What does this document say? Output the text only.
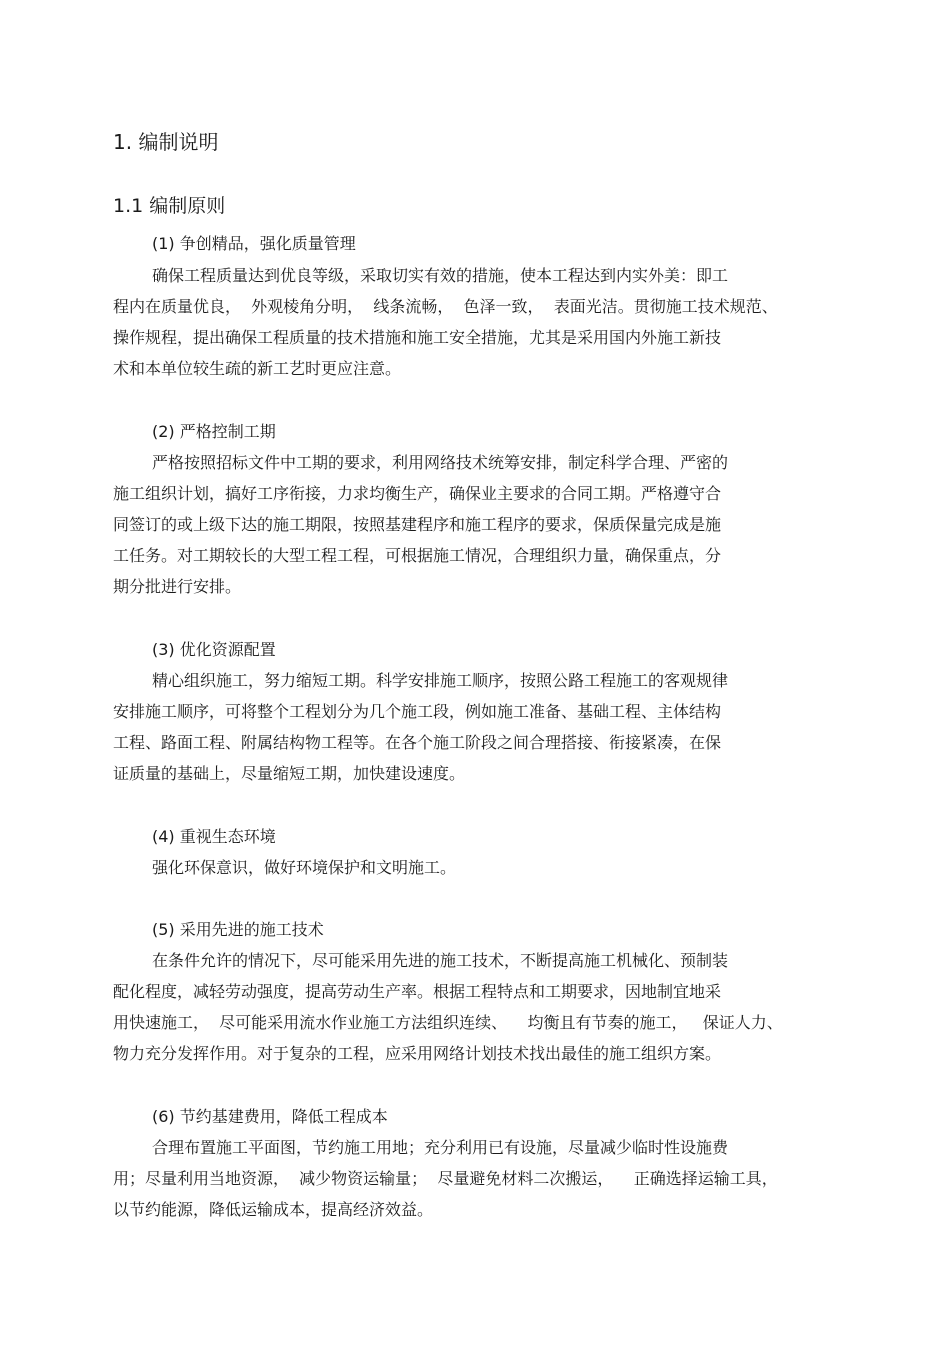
1. 编制说明
1.1 编制原则
(1) 争创精品，强化质量管理
确保工程质量达到优良等级，采取切实有效的措施，使本工程达到内实外美：即工
程内在质量优良，  外观棱角分明，  线条流畅，  色泽一致，  表面光洁。贯彻施工技术规范、
操作规程，提出确保工程质量的技术措施和施工安全措施，尤其是采用国内外施工新技
术和本单位较生疏的新工艺时更应注意。
(2) 严格控制工期
严格按照招标文件中工期的要求，利用网络技术统筹安排，制定科学合理、严密的
施工组织计划，搞好工序衔接，力求均衡生产，确保业主要求的合同工期。严格遵守合
同签订的或上级下达的施工期限，按照基建程序和施工程序的要求，保质保量完成是施
工任务。对工期较长的大型工程工程，可根据施工情况，合理组织力量，确保重点，分
期分批进行安排。
(3) 优化资源配置
精心组织施工，努力缩短工期。科学安排施工顺序，按照公路工程施工的客观规律
安排施工顺序，可将整个工程划分为几个施工段，例如施工准备、基础工程、主体结构
工程、路面工程、附属结构物工程等。在各个施工阶段之间合理搭接、衔接紧凑，在保
证质量的基础上，尽量缩短工期，加快建设速度。
(4) 重视生态环境
强化环保意识，做好环境保护和文明施工。
(5) 采用先进的施工技术
在条件允许的情况下，尽可能采用先进的施工技术，不断提高施工机械化、预制装
配化程度，减轻劳动强度，提高劳动生产率。根据工程特点和工期要求，因地制宜地采
用快速施工，  尽可能采用流水作业施工方法组织连续、    均衡且有节奏的施工，   保证人力、
物力充分发挥作用。对于复杂的工程，应采用网络计划技术找出最佳的施工组织方案。
(6) 节约基建费用，降低工程成本
合理布置施工平面图，节约施工用地；充分利用已有设施，尽量减少临时性设施费
用；尽量利用当地资源，  减少物资运输量；  尽量避免材料二次搬运，    正确选择运输工具，
以节约能源，降低运输成本，提高经济效益。
